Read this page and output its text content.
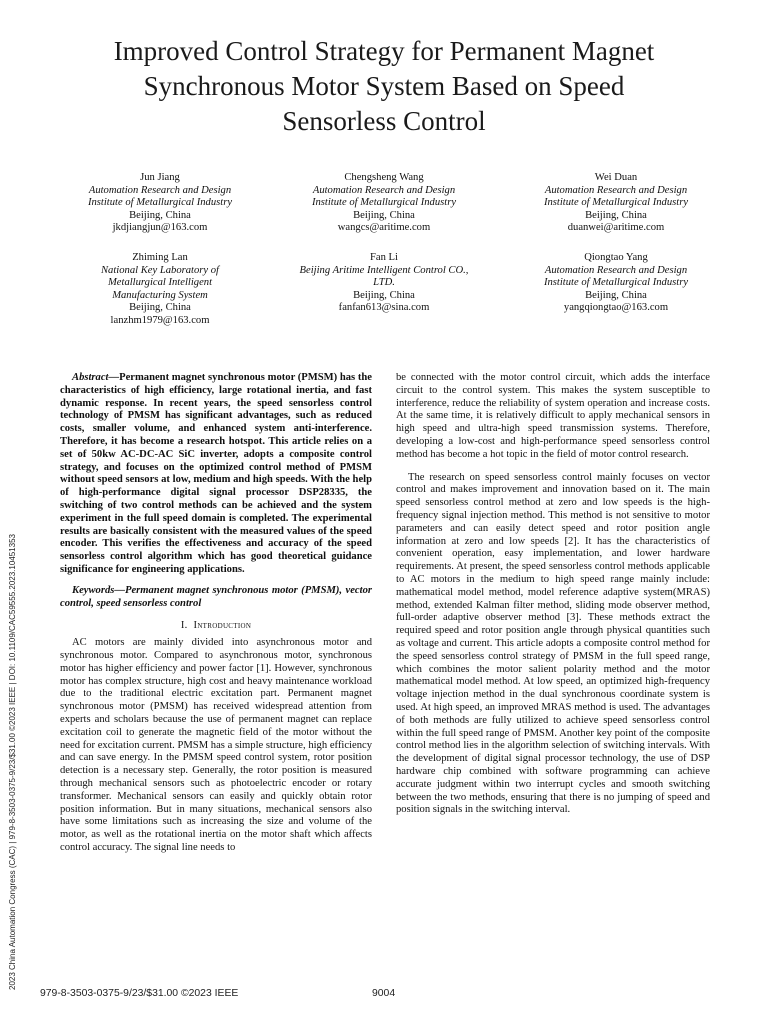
Improved Control Strategy for Permanent Magnet
Synchronous Motor System Based on Speed
Sensorless Control
Jun Jiang
Automation Research and Design
Institute of Metallurgical Industry
Beijing, China
jkdjiangjun@163.com
Chengsheng Wang
Automation Research and Design
Institute of Metallurgical Industry
Beijing, China
wangcs@aritime.com
Wei Duan
Automation Research and Design
Institute of Metallurgical Industry
Beijing, China
duanwei@aritime.com
Zhiming Lan
National Key Laboratory of
Metallurgical Intelligent
Manufacturing System
Beijing, China
lanzhm1979@163.com
Fan Li
Beijing Aritime Intelligent Control CO.,
LTD.
Beijing, China
fanfan613@sina.com
Qiongtao Yang
Automation Research and Design
Institute of Metallurgical Industry
Beijing, China
yangqiongtao@163.com

Abstract—Permanent magnet synchronous motor (PMSM) has the characteristics of high efficiency, large rotational inertia, and fast dynamic response. In recent years, the speed sensorless control technology of PMSM has significant advantages, such as reduced costs, smaller volume, and enhanced system anti-interference. Therefore, it has become a research hotspot. This article relies on a set of 50kw AC-DC-AC SiC inverter, adopts a composite control strategy, and focuses on the optimized control method of PMSM without speed sensors at low, medium and high speeds. With the help of high-performance digital signal processor DSP28335, the switching of two control methods can be achieved and the system experiment in the full speed domain is completed. The experimental results are basically consistent with the measured values of the speed encoder. This verifies the effectiveness and accuracy of the speed sensorless control algorithm which has good theoretical guidance significance for engineering applications.

Keywords—Permanent magnet synchronous motor (PMSM), vector control, speed sensorless control

I. Introduction

AC motors are mainly divided into asynchronous motor and synchronous motor. Compared to asynchronous motor, synchronous motor has higher efficiency and power factor [1]. However, synchronous motor has complex structure, high cost and heavy maintenance workload due to the traditional electric excitation part. Permanent magnet synchronous motor (PMSM) has received widespread attention from experts and scholars because the use of permanent magnet can replace excitation coil to generate the magnetic field of the motor without the need for excitation current. PMSM has a simple structure, high efficiency and can save energy. In the PMSM speed control system, rotor position detection is a necessary step. Generally, the rotor position is measured through mechanical sensors such as photoelectric encoder or rotary transformer. Mechanical sensors can easily and quickly obtain rotor position information. But in many situations, mechanical sensors also have some limitations such as increasing the size and volume of the motor, as well as the rotational inertia on the motor shaft which affects control accuracy. The signal line needs to

be connected with the motor control circuit, which adds the interface circuit to the control system. This makes the system susceptible to interference, reduce the reliability of system operation and increase costs. At the same time, it is relatively difficult to apply mechanical sensors in high speed and ultra-high speed transmission systems. Therefore, developing a low-cost and high-performance speed sensorless control method has become a hot topic in the field of motor control research.

The research on speed sensorless control mainly focuses on vector control and makes improvement and innovation based on it. The main speed sensorless control method at zero and low speeds is the high-frequency signal injection method. This method is not sensitive to motor parameters and can easily detect speed and rotor position angle information at zero and low speeds [2]. It has the characteristics of convenient operation, easy implementation, and lower hardware requirements. At present, the speed sensorless control methods applicable to AC motors in the medium to high speed range mainly include: mathematical model method, model reference adaptive system(MRAS) method, extended Kalman filter method, sliding mode observer method, full-order adaptive observer method [3]. These methods extract the required speed and rotor position angle through physical quantities such as voltage and current. This article adopts a composite control method for the speed sensorless control strategy of PMSM in the full speed range, which combines the motor salient polarity method and the motor mathematical model method. At low speed, an optimized high-frequency voltage injection method in the dual synchronous coordinate system is used. At high speed, an improved MRAS method is used. The advantages of both methods are fully utilized to achieve speed sensorless control within the full speed range of PMSM. Another key point of the composite control method lies in the algorithm selection of switching intervals. With the development of digital signal processor technology, the use of DSP hardware chip combined with software programming can achieve accurate judgment within two interrupt cycles and smooth switching between the two methods, ensuring that there is no jumping of speed and position signals in the switching interval.

2023 China Automation Congress (CAC) | 979-8-3503-0375-9/23/$31.00 ©2023 IEEE | DOI: 10.1109/CAC59555.2023.10451353
979-8-3503-0375-9/23/$31.00 ©2023 IEEE	9004
